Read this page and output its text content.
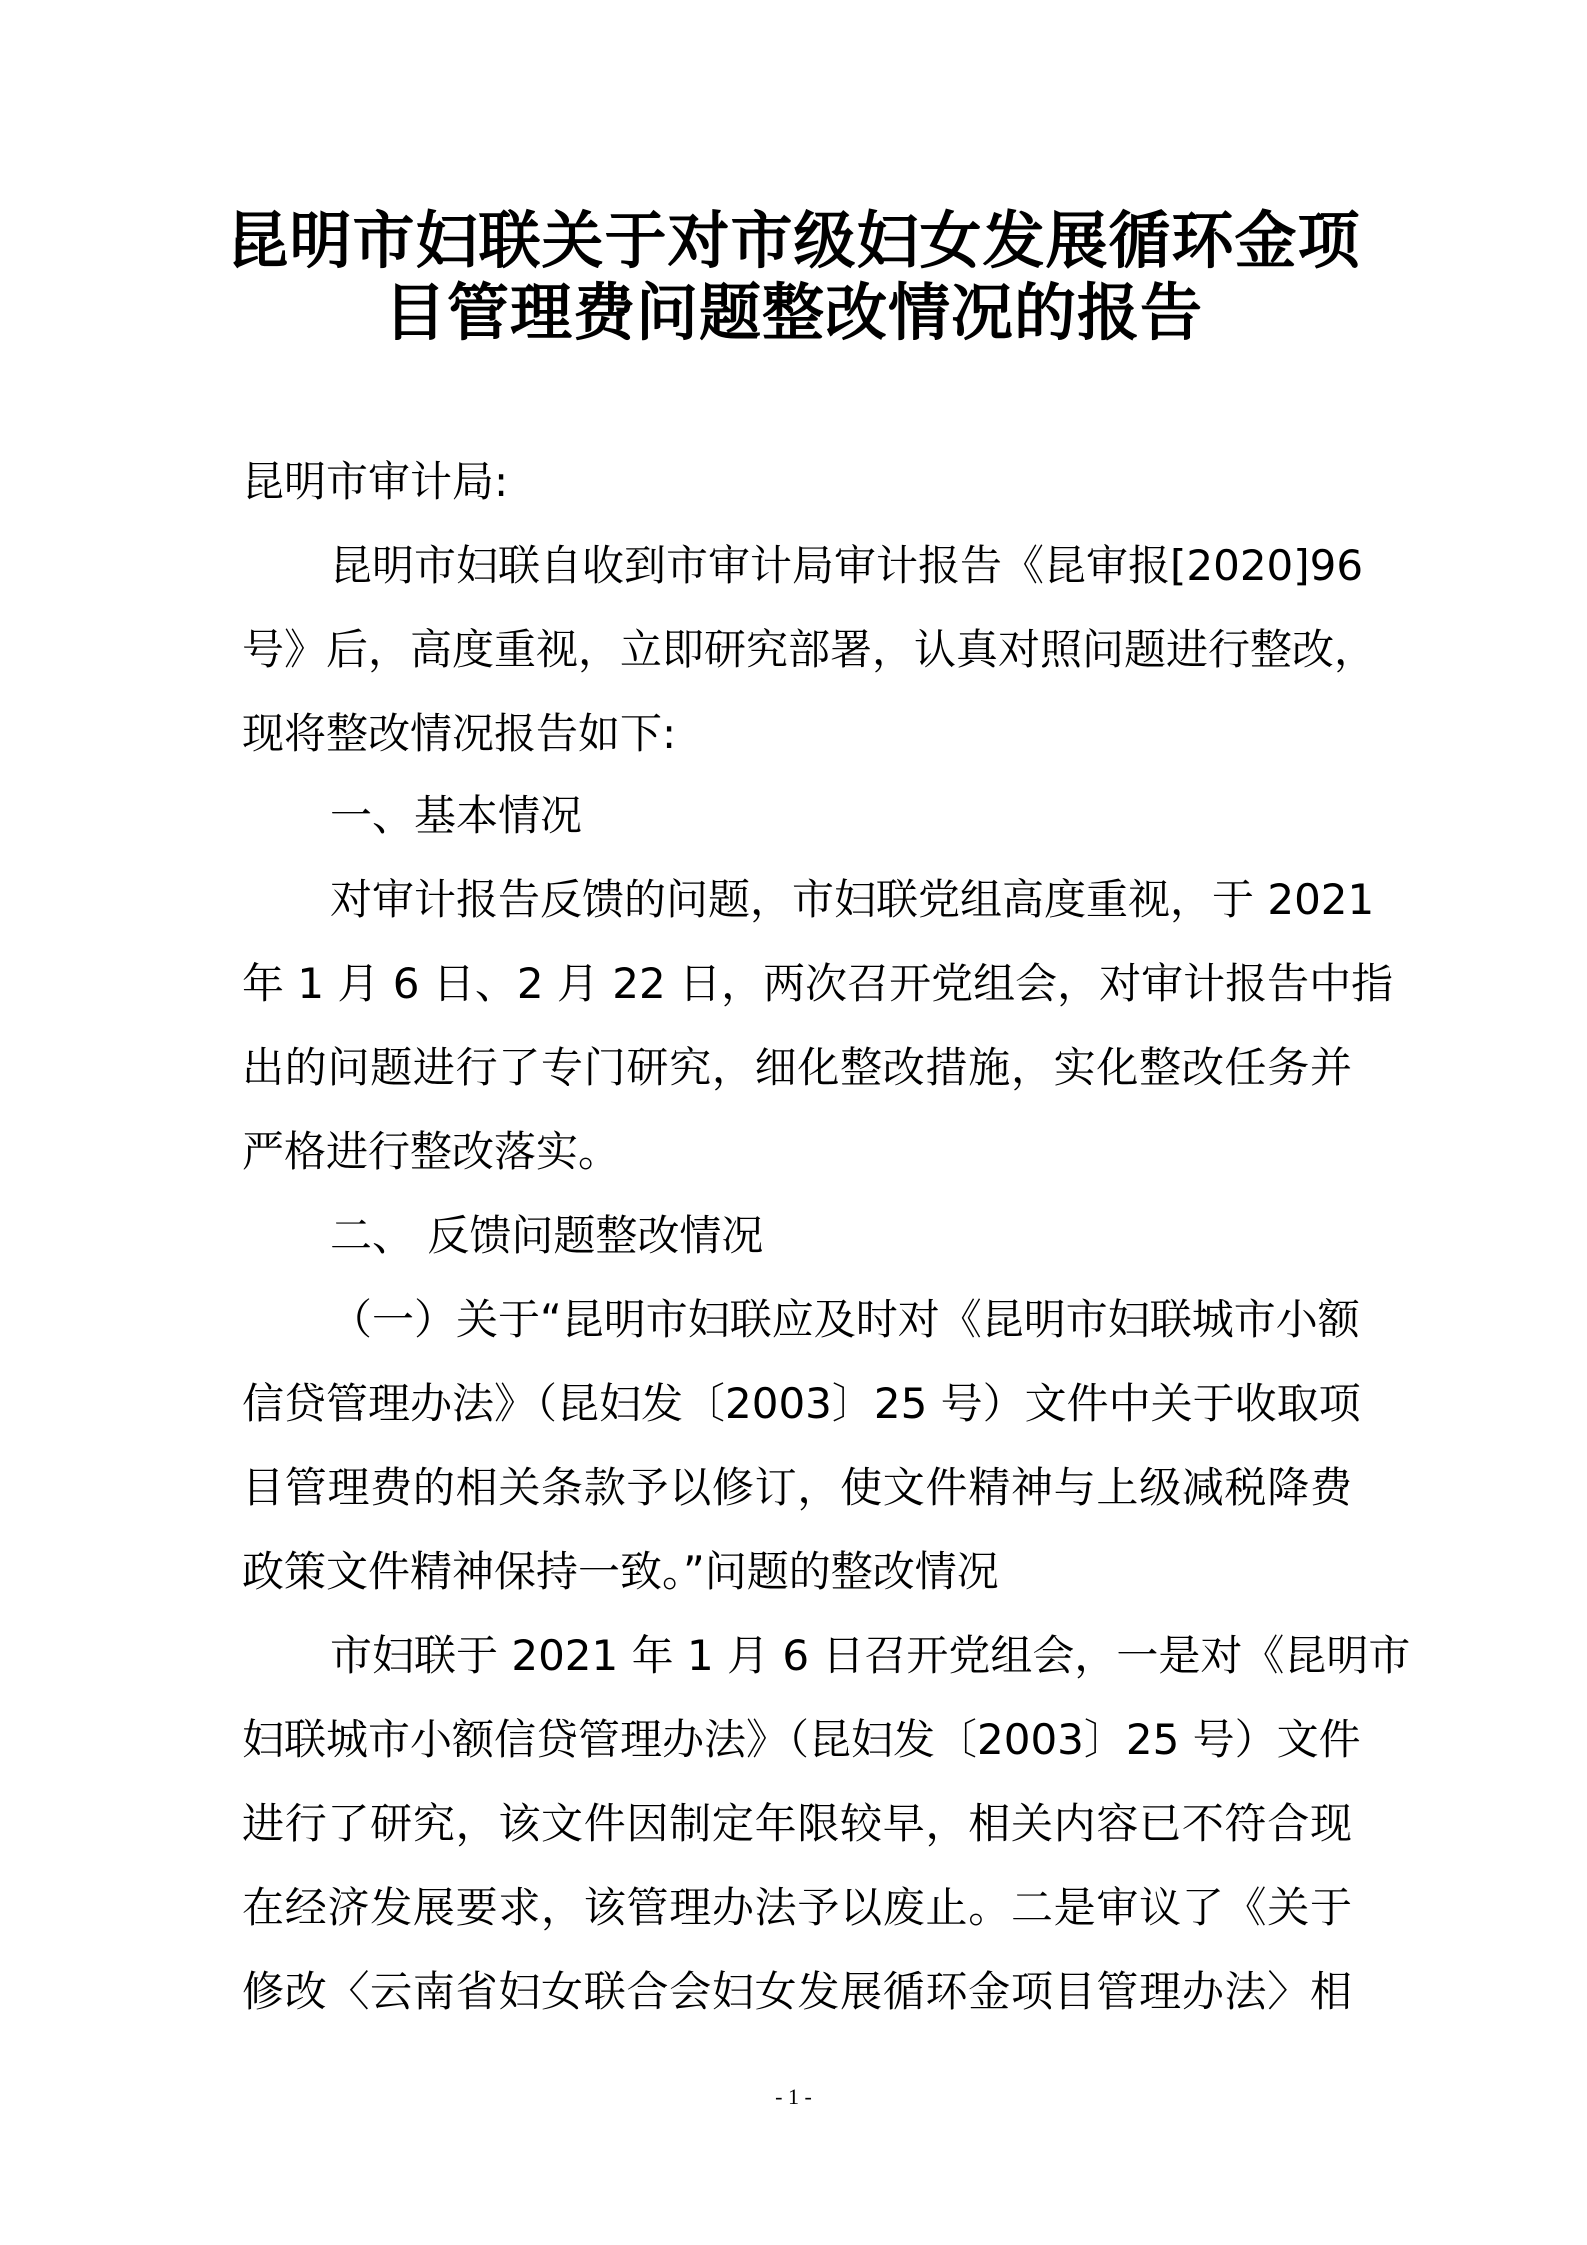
昆明市妇联关于对市级妇女发展循环金项
目管理费问题整改情况的报告
昆明市审计局:
昆明市妇联自收到市审计局审计报告《昆审报[2020]96
号》后，高度重视，立即研究部署，认真对照问题进行整改，
现将整改情况报告如下:
一、基本情况
对审计报告反馈的问题，市妇联党组高度重视，于 2021
年 1 月 6 日、2 月 22 日，两次召开党组会，对审计报告中指
出的问题进行了专门研究，细化整改措施，实化整改任务并
严格进行整改落实。
二、 反馈问题整改情况
（一）关于“昆明市妇联应及时对《昆明市妇联城市小额
信贷管理办法》（昆妇发〔2003〕25 号）文件中关于收取项
目管理费的相关条款予以修订，使文件精神与上级减税降费
政策文件精神保持一致。”问题的整改情况
市妇联于 2021 年 1 月 6 日召开党组会，一是对《昆明市
妇联城市小额信贷管理办法》（昆妇发〔2003〕25 号）文件
进行了研究，该文件因制定年限较早，相关内容已不符合现
在经济发展要求，该管理办法予以废止。二是审议了《关于
修改〈云南省妇女联合会妇女发展循环金项目管理办法〉相
- 1 -
